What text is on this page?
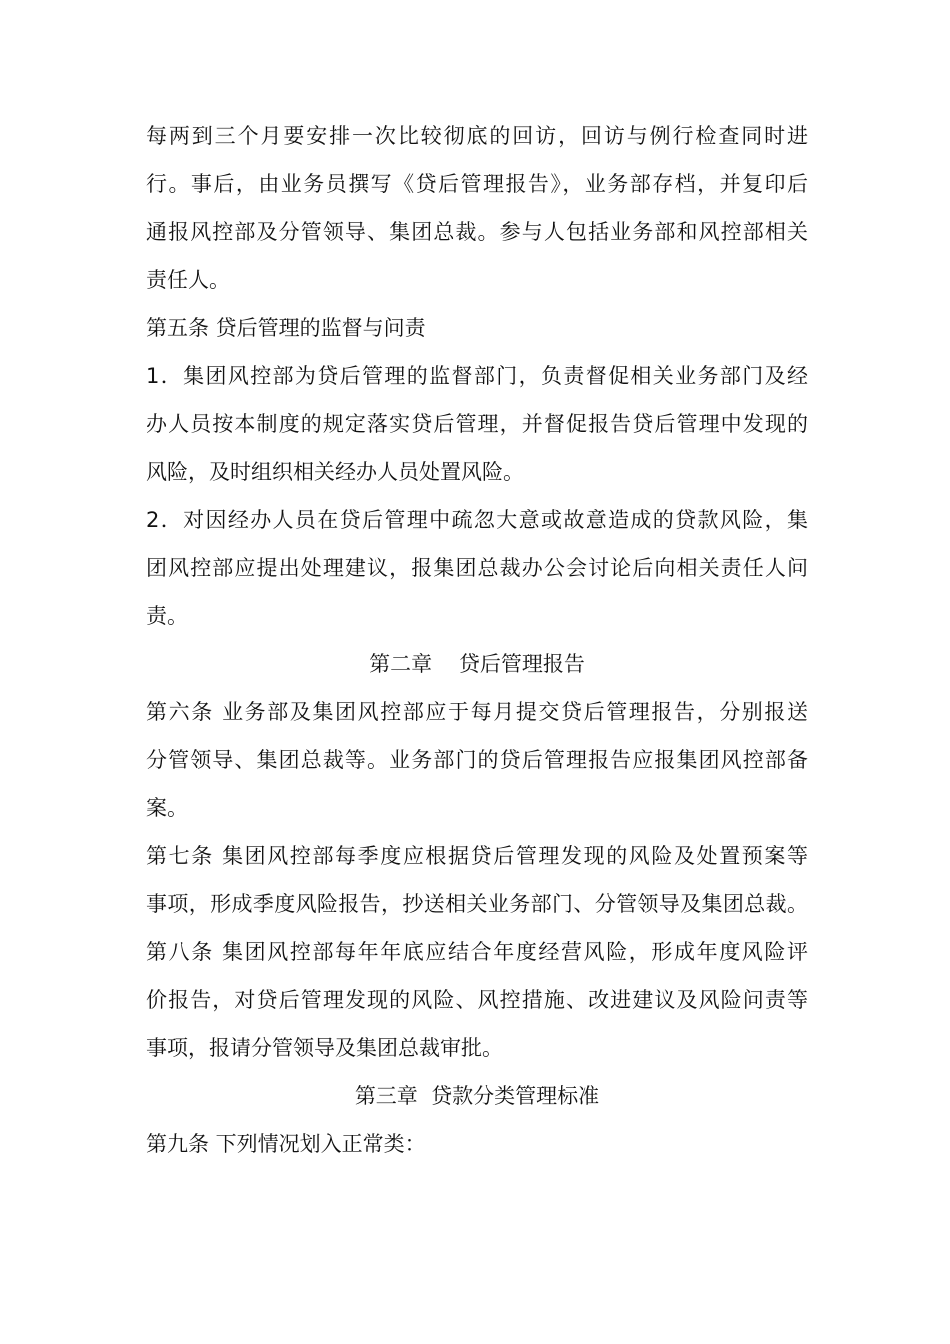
每两到三个月要安排一次比较彻底的回访，回访与例行检查同时进
行。事后，由业务员撰写《贷后管理报告》，业务部存档，并复印后
通报风控部及分管领导、集团总裁。参与人包括业务部和风控部相关
责任人。
第五条 贷后管理的监督与问责
1．集团风控部为贷后管理的监督部门，负责督促相关业务部门及经
办人员按本制度的规定落实贷后管理，并督促报告贷后管理中发现的
风险，及时组织相关经办人员处置风险。
2．对因经办人员在贷后管理中疏忽大意或故意造成的贷款风险，集
团风控部应提出处理建议，报集团总裁办公会讨论后向相关责任人问
责。
第二章    贷后管理报告
第六条 业务部及集团风控部应于每月提交贷后管理报告，分别报送
分管领导、集团总裁等。业务部门的贷后管理报告应报集团风控部备
案。
第七条 集团风控部每季度应根据贷后管理发现的风险及处置预案等
事项，形成季度风险报告，抄送相关业务部门、分管领导及集团总裁。
第八条 集团风控部每年年底应结合年度经营风险，形成年度风险评
价报告，对贷后管理发现的风险、风控措施、改进建议及风险问责等
事项，报请分管领导及集团总裁审批。
第三章  贷款分类管理标准
第九条 下列情况划入正常类：
